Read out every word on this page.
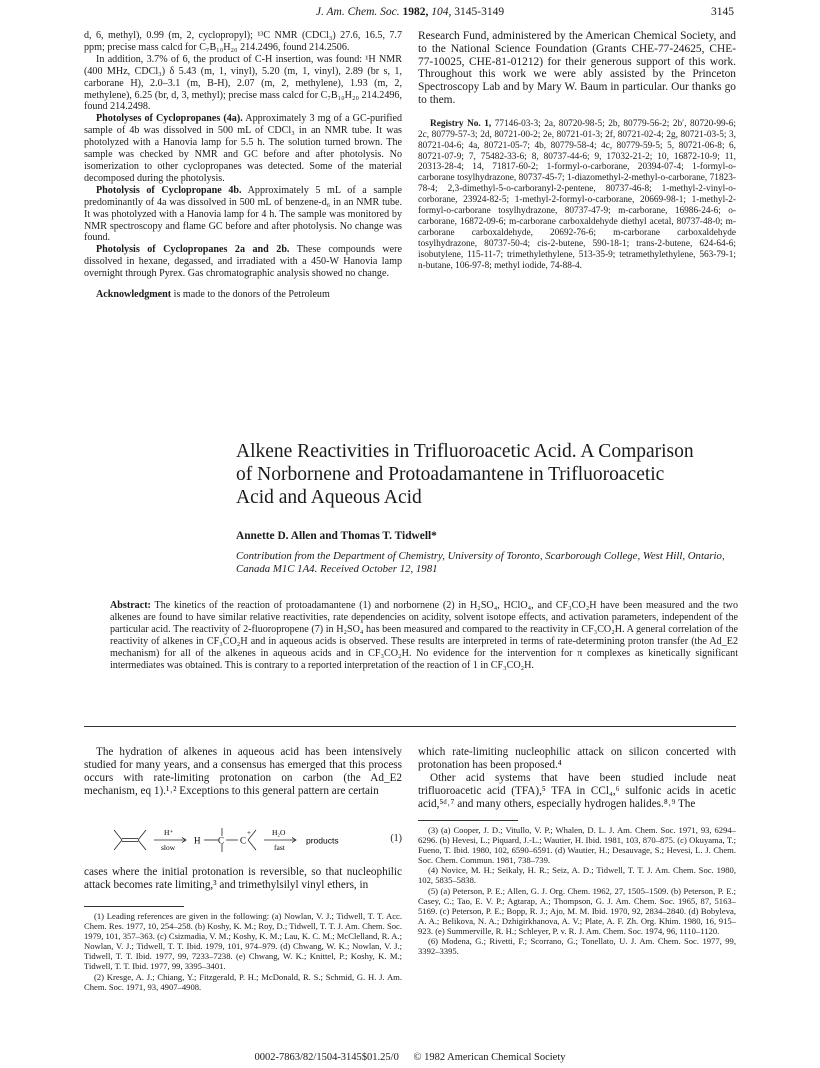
J. Am. Chem. Soc. 1982, 104, 3145-3149	3145

d, 6, methyl), 0.99 (m, 2, cyclopropyl); ¹³C NMR (CDCl₃) 27.6, 16.5, 7.7 ppm; precise mass calcd for C₇B₁₀H₂₀ 214.2496, found 214.2506.

In addition, 3.7% of 6, the product of C-H insertion, was found: ¹H NMR (400 MHz, CDCl₃) δ 5.43 (m, 1, vinyl), 5.20 (m, 1, vinyl), 2.89 (br s, 1, carborane H), 2.0–3.1 (m, B-H), 2.07 (m, 2, methylene), 1.93 (m, 2, methylene), 6.25 (br, d, 3, methyl); precise mass calcd for C₇B₁₀H₂₀ 214.2496, found 214.2498.

Photolyses of Cyclopropanes (4a). Approximately 3 mg of a GC-purified sample of 4b was dissolved in 500 mL of CDCl₃ in an NMR tube. It was photolyzed with a Hanovia lamp for 5.5 h. The solution turned brown. The sample was checked by NMR and GC before and after photolysis. No isomerization to other cyclopropanes was detected. Some of the material decomposed during the photolysis.

Photolysis of Cyclopropane 4b. Approximately 5 mL of a sample predominantly of 4a was dissolved in 500 mL of benzene-d₆ in an NMR tube. It was photolyzed with a Hanovia lamp for 4 h. The sample was monitored by NMR spectroscopy and flame GC before and after photolysis. No change was found.

Photolysis of Cyclopropanes 2a and 2b. These compounds were dissolved in hexane, degassed, and irradiated with a 450-W Hanovia lamp overnight through Pyrex. Gas chromatographic analysis showed no change.

Acknowledgment is made to the donors of the Petroleum

Research Fund, administered by the American Chemical Society, and to the National Science Foundation (Grants CHE-77-24625, CHE-77-10025, CHE-81-01212) for their generous support of this work. Throughout this work we were ably assisted by the Princeton Spectroscopy Lab and by Mary W. Baum in particular. Our thanks go to them.

Registry No. 1, 77146-03-3; 2a, 80720-98-5; 2b, 80779-56-2; 2b′, 80720-99-6; 2c, 80779-57-3; 2d, 80721-00-2; 2e, 80721-01-3; 2f, 80721-02-4; 2g, 80721-03-5; 3, 80721-04-6; 4a, 80721-05-7; 4b, 80779-58-4; 4c, 80779-59-5; 5, 80721-06-8; 6, 80721-07-9; 7, 75482-33-6; 8, 80737-44-6; 9, 17032-21-2; 10, 16872-10-9; 11, 20313-28-4; 14, 71817-60-2; 1-formyl-o-carborane, 20394-07-4; 1-formyl-o-carborane tosylhydrazone, 80737-45-7; 1-diazomethyl-2-methyl-o-carborane, 71823-78-4; 2,3-dimethyl-5-o-carboranyl-2-pentene, 80737-46-8; 1-methyl-2-vinyl-o-corborane, 23924-82-5; 1-methyl-2-formyl-o-carborane, 20669-98-1; 1-methyl-2-formyl-o-carborane tosylhydrazone, 80737-47-9; m-carborane, 16986-24-6; o-carborane, 16872-09-6; m-carborane carboxaldehyde diethyl acetal, 80737-48-0; m-carborane carboxaldehyde, 20692-76-6; m-carborane carboxaldehyde tosylhydrazone, 80737-50-4; cis-2-butene, 590-18-1; trans-2-butene, 624-64-6; isobutylene, 115-11-7; trimethylethylene, 513-35-9; tetramethylethylene, 563-79-1; n-butane, 106-97-8; methyl iodide, 74-88-4.

Alkene Reactivities in Trifluoroacetic Acid. A Comparison of Norbornene and Protoadamantene in Trifluoroacetic Acid and Aqueous Acid
Annette D. Allen and Thomas T. Tidwell*
Contribution from the Department of Chemistry, University of Toronto, Scarborough College, West Hill, Ontario, Canada M1C 1A4. Received October 12, 1981
Abstract: The kinetics of the reaction of protoadamantene (1) and norbornene (2) in H₂SO₄, HClO₄, and CF₃CO₂H have been measured and the two alkenes are found to have similar relative reactivities, rate dependencies on acidity, solvent isotope effects, and activation parameters, independent of the particular acid. The reactivity of 2-fluoropropene (7) in H₂SO₄ has been measured and compared to the reactivity in CF₃CO₂H. A general correlation of the reactivity of alkenes in CF₃CO₂H and in aqueous acids is observed. These results are interpreted in terms of rate-determining proton transfer (the Ad_E2 mechanism) for all of the alkenes in aqueous acids and in CF₃CO₂H. No evidence for the intervention for π complexes as kinetically significant intermediates was obtained. This is contrary to a reported interpretation of the reaction of 1 in CF₃CO₂H.

The hydration of alkenes in aqueous acid has been intensively studied for many years, and a consensus has emerged that this process occurs with rate-limiting protonation on carbon (the Ad_E2 mechanism, eq 1).¹˒² Exceptions to this general pattern are certain

H⁺
slow
H C C
+	H₂O
fast
products	(1)

cases where the initial protonation is reversible, so that nucleophilic attack becomes rate limiting,³ and trimethylsilyl vinyl ethers, in

(1) Leading references are given in the following: (a) Nowlan, V. J.; Tidwell, T. T. Acc. Chem. Res. 1977, 10, 254–258. (b) Koshy, K. M.; Roy, D.; Tidwell, T. T. J. Am. Chem. Soc. 1979, 101, 357–363. (c) Csizmadia, V. M.; Koshy, K. M.; Lau, K. C. M.; McClelland, R. A.; Nowlan, V. J.; Tidwell, T. T. Ibid. 1979, 101, 974–979. (d) Chwang, W. K.; Nowlan, V. J.; Tidwell, T. T. Ibid. 1977, 99, 7233–7238. (e) Chwang, W. K.; Knittel, P.; Koshy, K. M.; Tidwell, T. T. Ibid. 1977, 99, 3395–3401.

(2) Kresge, A. J.; Chiang, Y.; Fitzgerald, P. H.; McDonald, R. S.; Schmid, G. H. J. Am. Chem. Soc. 1971, 93, 4907–4908.

which rate-limiting nucleophilic attack on silicon concerted with protonation has been proposed.⁴

Other acid systems that have been studied include neat trifluoroacetic acid (TFA),⁵ TFA in CCl₄,⁶ sulfonic acids in acetic acid,⁵ᵈ˒⁷ and many others, especially hydrogen halides.⁸˒⁹ The

(3) (a) Cooper, J. D.; Vitullo, V. P.; Whalen, D. L. J. Am. Chem. Soc. 1971, 93, 6294–6296. (b) Hevesi, L.; Piquard, J.-L.; Wautier, H. Ibid. 1981, 103, 870–875. (c) Okuyama, T.; Fueno, T. Ibid. 1980, 102, 6590–6591. (d) Wautier, H.; Desauvage, S.; Hevesi, L. J. Chem. Soc. Chem. Commun. 1981, 738–739.

(4) Novice, M. H.; Seikaly, H. R.; Seiz, A. D.; Tidwell, T. T. J. Am. Chem. Soc. 1980, 102, 5835–5838.

(5) (a) Peterson, P. E.; Allen, G. J. Org. Chem. 1962, 27, 1505–1509. (b) Peterson, P. E.; Casey, C.; Tao, E. V. P.; Agtarap, A.; Thompson, G. J. Am. Chem. Soc. 1965, 87, 5163–5169. (c) Peterson, P. E.; Bopp, R. J.; Ajo, M. M. Ibid. 1970, 92, 2834–2840. (d) Bobyleva, A. A.; Belikova, N. A.; Dzhigirkhanova, A. V.; Plate, A. F. Zh. Org. Khim. 1980, 16, 915–923. (e) Summerville, R. H.; Schleyer, P. v. R. J. Am. Chem. Soc. 1974, 96, 1110–1120.

(6) Modena, G.; Rivetti, F.; Scorrano, G.; Tonellato, U. J. Am. Chem. Soc. 1977, 99, 3392–3395.

0002-7863/82/1504-3145$01.25/0 © 1982 American Chemical Society
